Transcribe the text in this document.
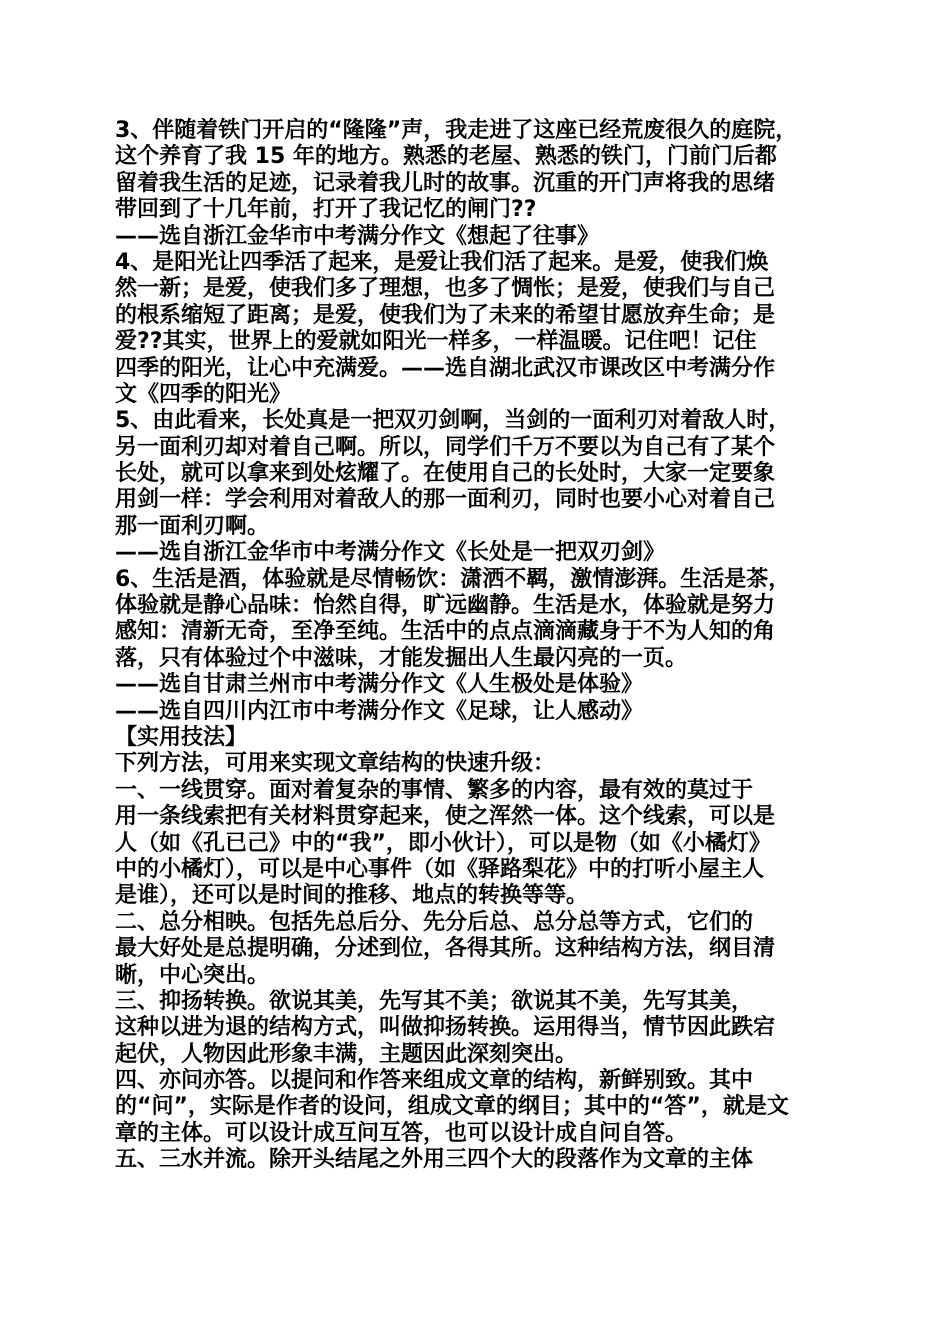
3、伴随着铁门开启的“隆隆”声，我走进了这座已经荒废很久的庭院，
这个养育了我 15 年的地方。熟悉的老屋、熟悉的铁门，门前门后都
留着我生活的足迹，记录着我儿时的故事。沉重的开门声将我的思绪
带回到了十几年前，打开了我记忆的闸门??
——选自浙江金华市中考满分作文《想起了往事》
4、是阳光让四季活了起来，是爱让我们活了起来。是爱，使我们焕
然一新；是爱，使我们多了理想，也多了惆怅；是爱，使我们与自己
的根系缩短了距离；是爱，使我们为了未来的希望甘愿放弃生命；是
爱??其实，世界上的爱就如阳光一样多，一样温暖。记住吧！记住
四季的阳光，让心中充满爱。——选自湖北武汉市课改区中考满分作
文《四季的阳光》
5、由此看来，长处真是一把双刃剑啊，当剑的一面利刃对着敌人时，
另一面利刃却对着自己啊。所以，同学们千万不要以为自己有了某个
长处，就可以拿来到处炫耀了。在使用自己的长处时，大家一定要象
用剑一样：学会利用对着敌人的那一面利刃，同时也要小心对着自己
那一面利刃啊。
——选自浙江金华市中考满分作文《长处是一把双刃剑》
6、生活是酒，体验就是尽情畅饮：潇洒不羁，激情澎湃。生活是茶，
体验就是静心品味：怡然自得，旷远幽静。生活是水，体验就是努力
感知：清新无奇，至净至纯。生活中的点点滴滴藏身于不为人知的角
落，只有体验过个中滋味，才能发掘出人生最闪亮的一页。
——选自甘肃兰州市中考满分作文《人生极处是体验》
——选自四川内江市中考满分作文《足球，让人感动》
【实用技法】
下列方法，可用来实现文章结构的快速升级：
一、一线贯穿。面对着复杂的事情、繁多的内容，最有效的莫过于
用一条线索把有关材料贯穿起来，使之浑然一体。这个线索，可以是
人（如《孔已己》中的“我”，即小伙计），可以是物（如《小橘灯》
中的小橘灯），可以是中心事件（如《驿路梨花》中的打听小屋主人
是谁），还可以是时间的推移、地点的转换等等。
二、总分相映。包括先总后分、先分后总、总分总等方式，它们的
最大好处是总提明确，分述到位，各得其所。这种结构方法，纲目清
晰，中心突出。
三、抑扬转换。欲说其美，先写其不美；欲说其不美，先写其美，
这种以进为退的结构方式，叫做抑扬转换。运用得当，情节因此跌宕
起伏，人物因此形象丰满，主题因此深刻突出。
四、亦问亦答。以提问和作答来组成文章的结构，新鲜别致。其中
的“问”，实际是作者的设问，组成文章的纲目；其中的“答”，就是文
章的主体。可以设计成互问互答，也可以设计成自问自答。
五、三水并流。除开头结尾之外用三四个大的段落作为文章的主体
